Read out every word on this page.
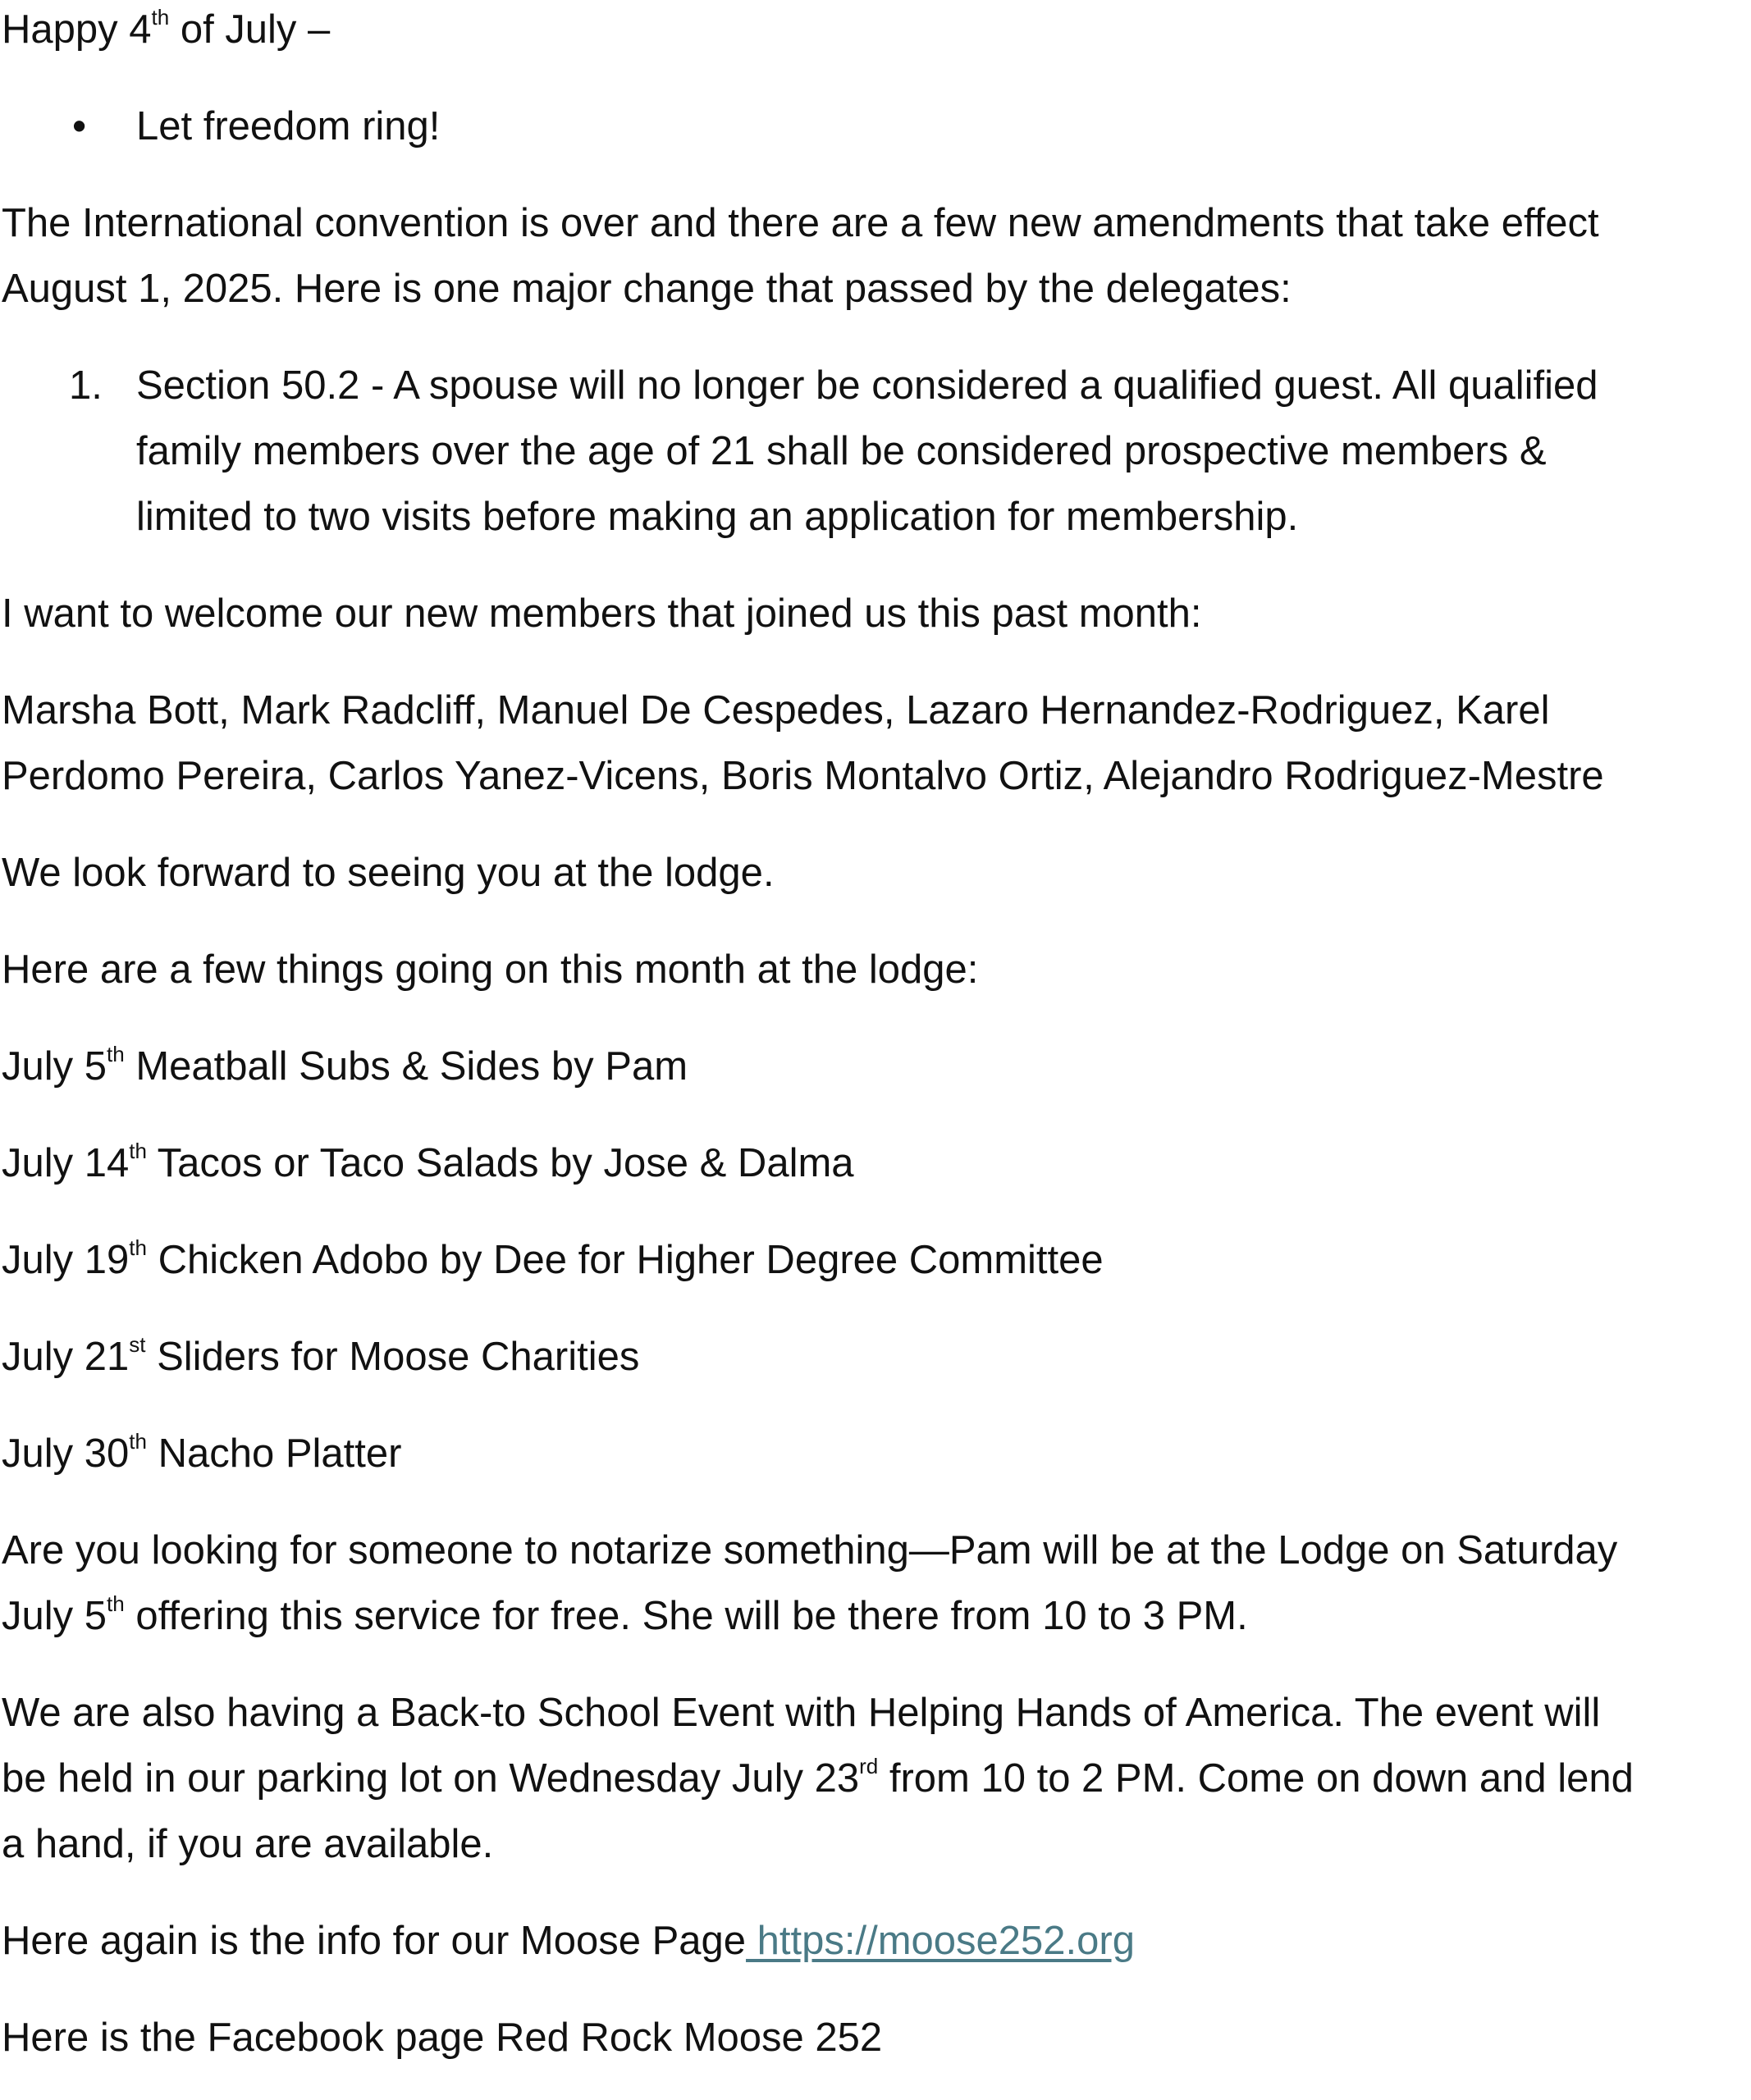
Happy 4th of July –
• Let freedom ring!
The International convention is over and there are a few new amendments that take effect
August 1, 2025. Here is one major change that passed by the delegates:
1. Section 50.2 - A spouse will no longer be considered a qualified guest. All qualified
family members over the age of 21 shall be considered prospective members &
limited to two visits before making an application for membership.
I want to welcome our new members that joined us this past month:
Marsha Bott, Mark Radcliff, Manuel De Cespedes, Lazaro Hernandez-Rodriguez, Karel
Perdomo Pereira, Carlos Yanez-Vicens, Boris Montalvo Ortiz, Alejandro Rodriguez-Mestre
We look forward to seeing you at the lodge.
Here are a few things going on this month at the lodge:
July 5th Meatball Subs & Sides by Pam
July 14th Tacos or Taco Salads by Jose & Dalma
July 19th Chicken Adobo by Dee for Higher Degree Committee
July 21st Sliders for Moose Charities
July 30th Nacho Platter
Are you looking for someone to notarize something—Pam will be at the Lodge on Saturday
July 5th offering this service for free. She will be there from 10 to 3 PM.
We are also having a Back-to School Event with Helping Hands of America. The event will
be held in our parking lot on Wednesday July 23rd from 10 to 2 PM. Come on down and lend
a hand, if you are available.
Here again is the info for our Moose Page https://moose252.org
Here is the Facebook page Red Rock Moose 252
